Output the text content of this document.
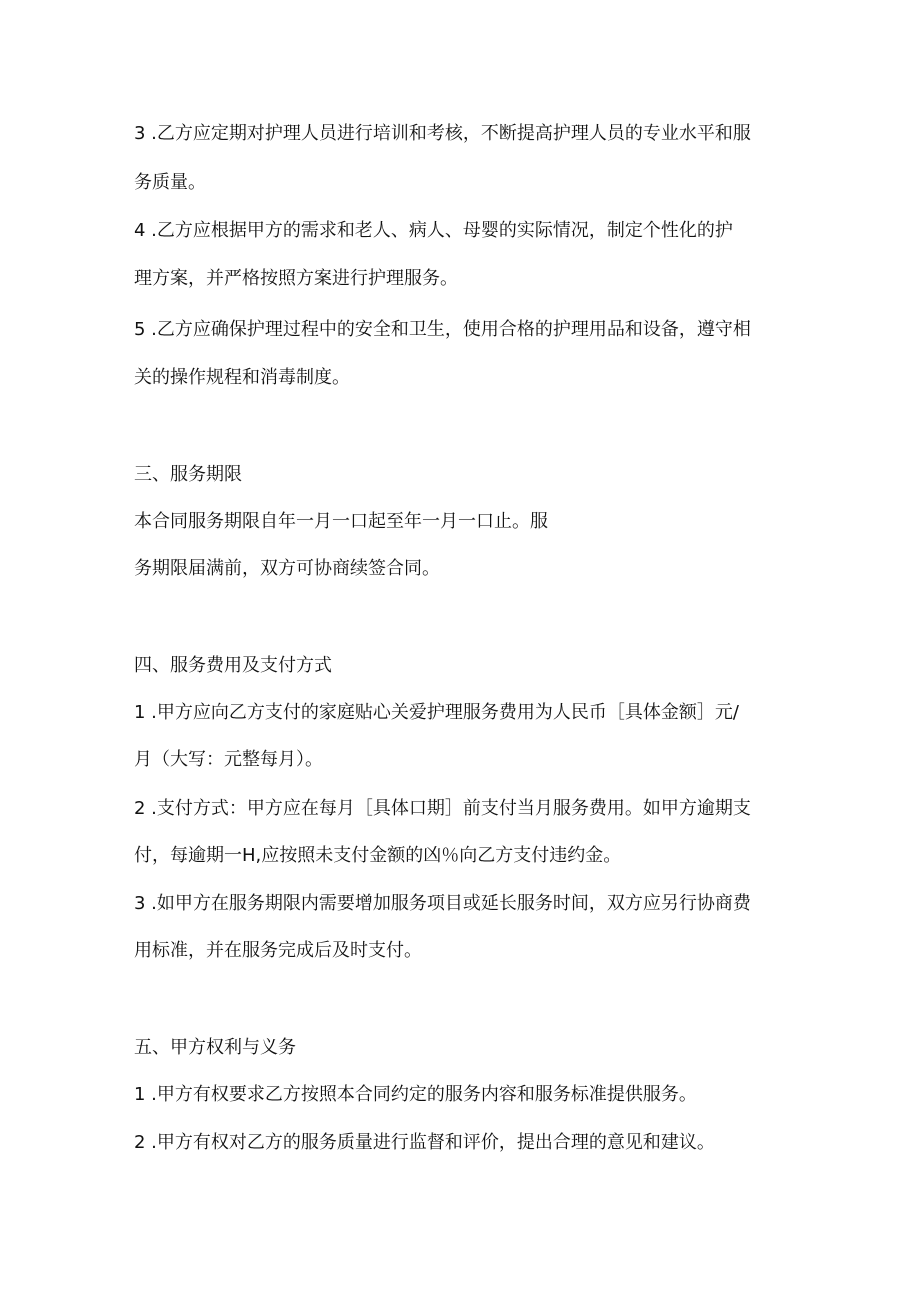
3 .乙方应定期对护理人员进行培训和考核，不断提高护理人员的专业水平和服
务质量。
4 .乙方应根据甲方的需求和老人、病人、母婴的实际情况，制定个性化的护
理方案，并严格按照方案进行护理服务。
5 .乙方应确保护理过程中的安全和卫生，使用合格的护理用品和设备，遵守相
关的操作规程和消毒制度。
三、服务期限
本合同服务期限自年一月一口起至年一月一口止。服
务期限届满前，双方可协商续签合同。
四、服务费用及支付方式
1 .甲方应向乙方支付的家庭贴心关爱护理服务费用为人民币［具体金额］元/
月（大写：元整每月）。
2 .支付方式：甲方应在每月［具体口期］前支付当月服务费用。如甲方逾期支
付，每逾期一H,应按照未支付金额的凶％向乙方支付违约金。
3 .如甲方在服务期限内需要增加服务项目或延长服务时间，双方应另行协商费
用标准，并在服务完成后及时支付。
五、甲方权利与义务
1 .甲方有权要求乙方按照本合同约定的服务内容和服务标准提供服务。
2 .甲方有权对乙方的服务质量进行监督和评价，提出合理的意见和建议。
